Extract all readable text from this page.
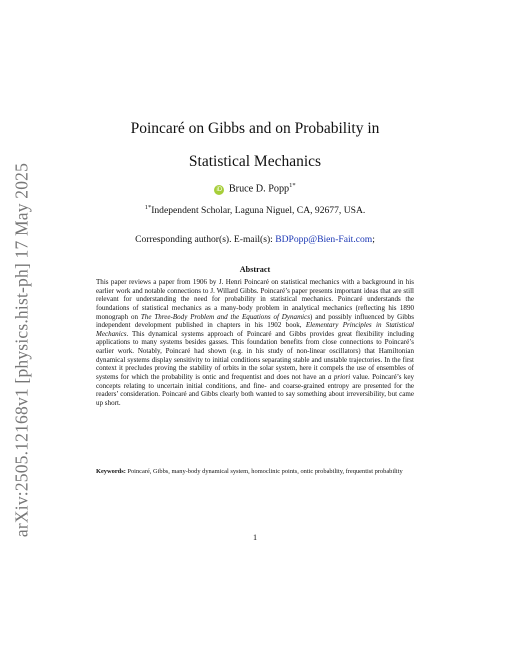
arXiv:2505.12168v1 [physics.hist-ph] 17 May 2025
Poincaré on Gibbs and on Probability in
Statistical Mechanics
iD Bruce D. Popp$^{1*}$
$^{1*}$Independent Scholar, Laguna Niguel, CA, 92677, USA.
Corresponding author(s). E-mail(s): BDPopp@Bien-Fait.com;
Abstract
This paper reviews a paper from 1906 by J. Henri Poincaré on statistical mechanics with a background in his earlier work and notable connections to J. Willard Gibbs. Poincaré’s paper presents important ideas that are still relevant for understanding the need for probability in statistical mechanics. Poincaré understands the foundations of statistical mechanics as a many-body problem in analytical mechanics (reflecting his 1890 monograph on The Three-Body Problem and the Equations of Dynamics) and possibly influenced by Gibbs independent development published in chapters in his 1902 book, Elementary Principles in Statistical Mechanics. This dynamical systems approach of Poincaré and Gibbs provides great flexibility including applications to many systems besides gasses. This foundation benefits from close connections to Poincaré’s earlier work. Notably, Poincaré had shown (e.g. in his study of non-linear oscillators) that Hamiltonian dynamical systems display sensitivity to initial conditions separating stable and unstable trajectories. In the first context it precludes proving the stability of orbits in the solar system, here it compels the use of ensembles of systems for which the probability is ontic and frequentist and does not have an a priori value. Poincaré’s key concepts relating to uncertain initial conditions, and fine- and coarse-grained entropy are presented for the readers’ consideration. Poincaré and Gibbs clearly both wanted to say something about irreversibility, but came up short.
Keywords: Poincaré, Gibbs, many-body dynamical system, homoclinic points, ontic probability, frequentist probability
1
